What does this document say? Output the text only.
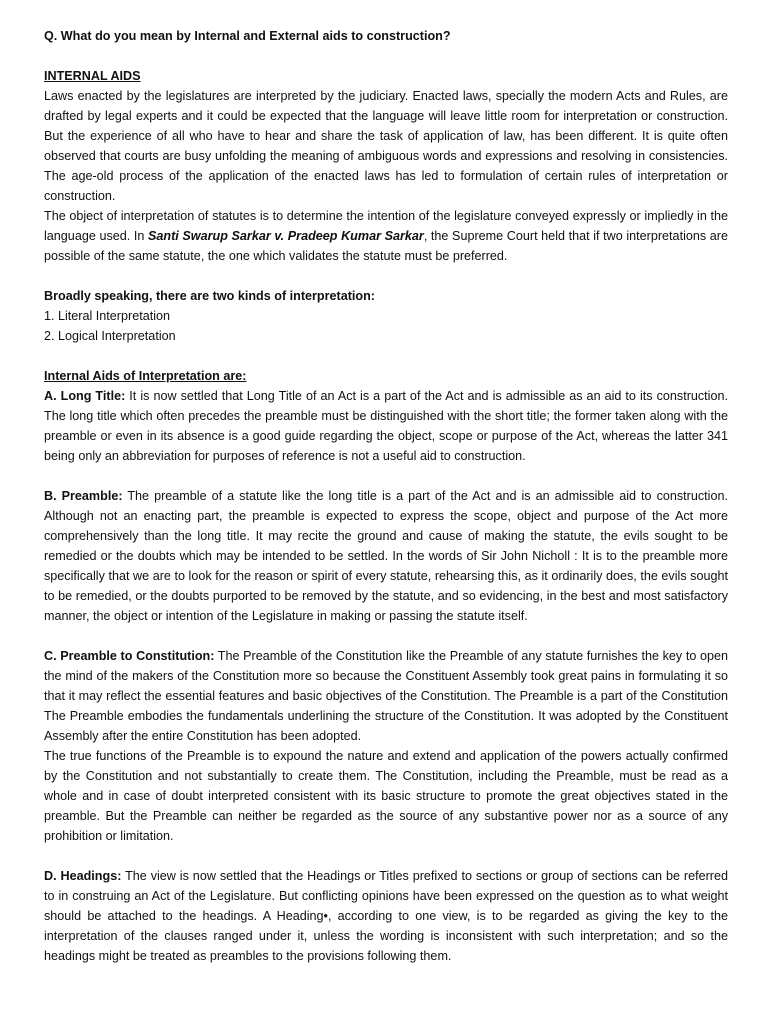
Q. What do you mean by Internal and External aids to construction?

INTERNAL AIDS

Laws enacted by the legislatures are interpreted by the judiciary. Enacted laws, specially the modern Acts and Rules, are drafted by legal experts and it could be expected that the language will leave little room for interpretation or construction. But the experience of all who have to hear and share the task of application of law, has been different. It is quite often observed that courts are busy unfolding the meaning of ambiguous words and expressions and resolving in consistencies. The age-old process of the application of the enacted laws has led to formulation of certain rules of interpretation or construction.

The object of interpretation of statutes is to determine the intention of the legislature conveyed expressly or impliedly in the language used. In Santi Swarup Sarkar v. Pradeep Kumar Sarkar, the Supreme Court held that if two interpretations are possible of the same statute, the one which validates the statute must be preferred.

Broadly speaking, there are two kinds of interpretation:

1. Literal Interpretation

2. Logical Interpretation

Internal Aids of Interpretation are:

A. Long Title: It is now settled that Long Title of an Act is a part of the Act and is admissible as an aid to its construction. The long title which often precedes the preamble must be distinguished with the short title; the former taken along with the preamble or even in its absence is a good guide regarding the object, scope or purpose of the Act, whereas the latter 341 being only an abbreviation for purposes of reference is not a useful aid to construction.

B. Preamble: The preamble of a statute like the long title is a part of the Act and is an admissible aid to construction. Although not an enacting part, the preamble is expected to express the scope, object and purpose of the Act more comprehensively than the long title. It may recite the ground and cause of making the statute, the evils sought to be remedied or the doubts which may be intended to be settled. In the words of Sir John Nicholl : It is to the preamble more specifically that we are to look for the reason or spirit of every statute, rehearsing this, as it ordinarily does, the evils sought to be remedied, or the doubts purported to be removed by the statute, and so evidencing, in the best and most satisfactory manner, the object or intention of the Legislature in making or passing the statute itself.

C. Preamble to Constitution: The Preamble of the Constitution like the Preamble of any statute furnishes the key to open the mind of the makers of the Constitution more so because the Constituent Assembly took great pains in formulating it so that it may reflect the essential features and basic objectives of the Constitution. The Preamble is a part of the Constitution The Preamble embodies the fundamentals underlining the structure of the Constitution. It was adopted by the Constituent Assembly after the entire Constitution has been adopted.

The true functions of the Preamble is to expound the nature and extend and application of the powers actually confirmed by the Constitution and not substantially to create them. The Constitution, including the Preamble, must be read as a whole and in case of doubt interpreted consistent with its basic structure to promote the great objectives stated in the preamble. But the Preamble can neither be regarded as the source of any substantive power nor as a source of any prohibition or limitation.

D. Headings: The view is now settled that the Headings or Titles prefixed to sections or group of sections can be referred to in construing an Act of the Legislature. But conflicting opinions have been expressed on the question as to what weight should be attached to the headings. A Heading•, according to one view, is to be regarded as giving the key to the interpretation of the clauses ranged under it, unless the wording is inconsistent with such interpretation; and so the headings might be treated as preambles to the provisions following them.
